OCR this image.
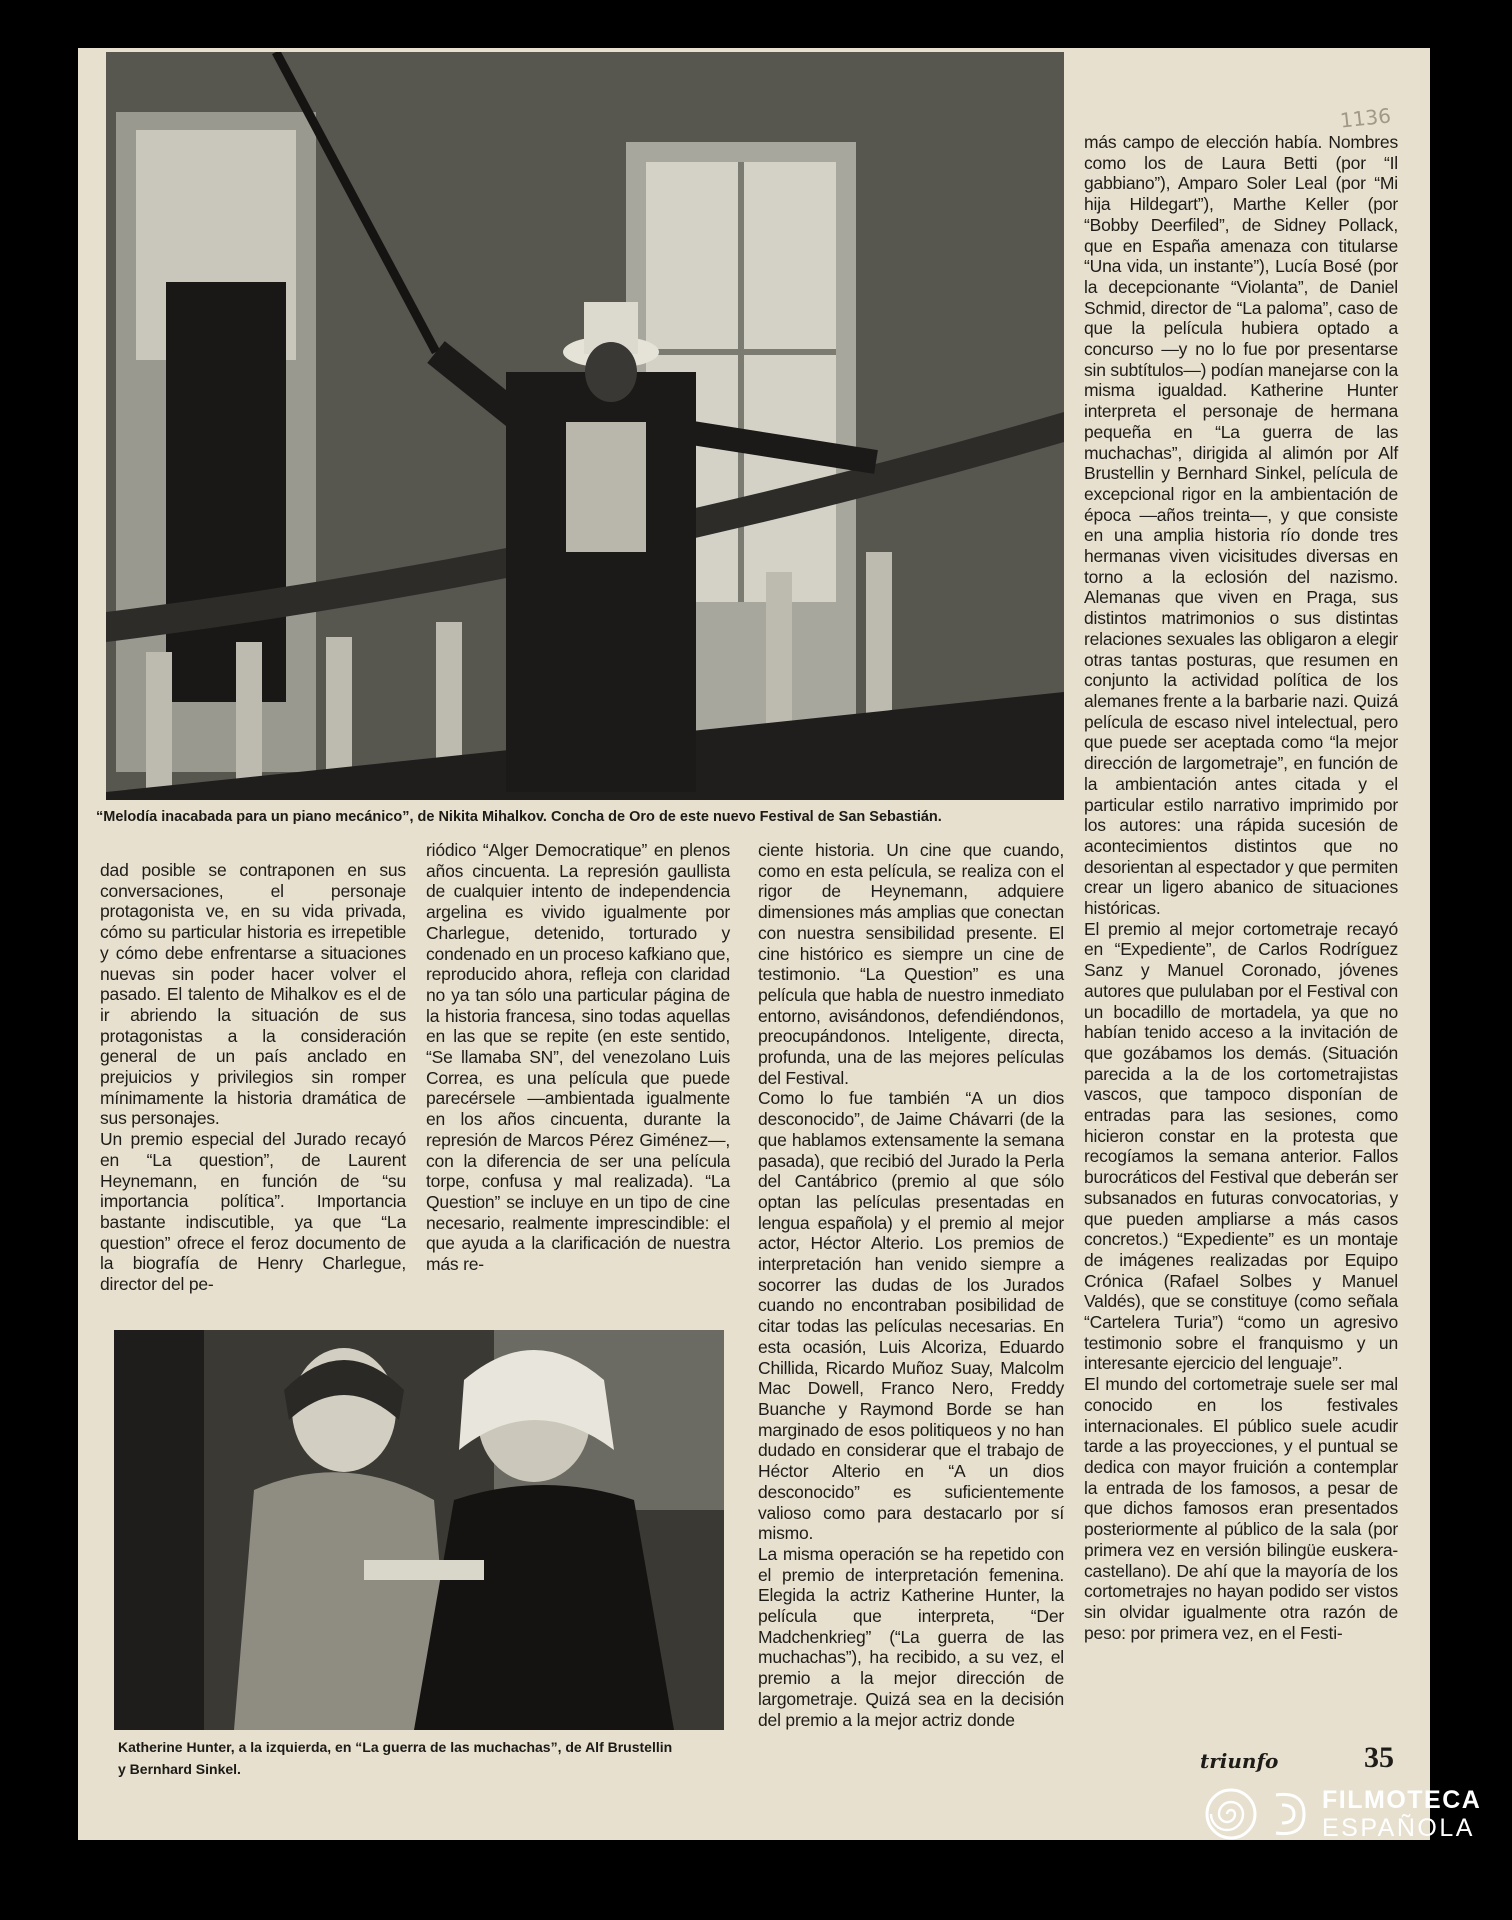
1136
“Melodía inacabada para un piano mecánico”, de Nikita Mihalkov. Concha de Oro de este nuevo Festival de San Sebastián.
dad posible se contraponen en sus conversaciones, el personaje protagonista ve, en su vida privada, cómo su particular historia es irrepetible y cómo debe enfrentarse a situaciones nuevas sin poder hacer volver el pasado. El talento de Mihalkov es el de ir abriendo la situación de sus protagonistas a la consideración general de un país anclado en prejuicios y privilegios sin romper mínimamente la historia dramática de sus personajes.
Un premio especial del Jurado recayó en “La question”, de Laurent Heynemann, en función de “su importancia política”. Importancia bastante indiscutible, ya que “La question” ofrece el feroz documento de la biografía de Henry Charlegue, director del pe-
riódico “Alger Democratique” en plenos años cincuenta. La represión gaullista de cualquier intento de independencia argelina es vivido igualmente por Charlegue, detenido, torturado y condenado en un proceso kafkiano que, reproducido ahora, refleja con claridad no ya tan sólo una particular página de la historia francesa, sino todas aquellas en las que se repite (en este sentido, “Se llamaba SN”, del venezolano Luis Correa, es una película que puede parecérsele —ambientada igualmente en los años cincuenta, durante la represión de Marcos Pérez Giménez—, con la diferencia de ser una película torpe, confusa y mal realizada). “La Question” se incluye en un tipo de cine necesario, realmente imprescindible: el que ayuda a la clarificación de nuestra más re-
ciente historia. Un cine que cuando, como en esta película, se realiza con el rigor de Heynemann, adquiere dimensiones más amplias que conectan con nuestra sensibilidad presente. El cine histórico es siempre un cine de testimonio. “La Question” es una película que habla de nuestro inmediato entorno, avisándonos, defendiéndonos, preocupándonos. Inteligente, directa, profunda, una de las mejores películas del Festival.
Como lo fue también “A un dios desconocido”, de Jaime Chávarri (de la que hablamos extensamente la semana pasada), que recibió del Jurado la Perla del Cantábrico (premio al que sólo optan las películas presentadas en lengua española) y el premio al mejor actor, Héctor Alterio. Los premios de interpretación han venido siempre a socorrer las dudas de los Jurados cuando no encontraban posibilidad de citar todas las películas necesarias. En esta ocasión, Luis Alcoriza, Eduardo Chillida, Ricardo Muñoz Suay, Malcolm Mac Dowell, Franco Nero, Freddy Buanche y Raymond Borde se han marginado de esos politiqueos y no han dudado en considerar que el trabajo de Héctor Alterio en “A un dios desconocido” es suficientemente valioso como para destacarlo por sí mismo.
La misma operación se ha repetido con el premio de interpretación femenina. Elegida la actriz Katherine Hunter, la película que interpreta, “Der Madchenkrieg” (“La guerra de las muchachas”), ha recibido, a su vez, el premio a la mejor dirección de largometraje. Quizá sea en la decisión del premio a la mejor actriz donde
más campo de elección había. Nombres como los de Laura Betti (por “Il gabbiano”), Amparo Soler Leal (por “Mi hija Hildegart”), Marthe Keller (por “Bobby Deerfiled”, de Sidney Pollack, que en España amenaza con titularse “Una vida, un instante”), Lucía Bosé (por la decepcionante “Violanta”, de Daniel Schmid, director de “La paloma”, caso de que la película hubiera optado a concurso —y no lo fue por presentarse sin subtítulos—) podían manejarse con la misma igualdad. Katherine Hunter interpreta el personaje de hermana pequeña en “La guerra de las muchachas”, dirigida al alimón por Alf Brustellin y Bernhard Sinkel, película de excepcional rigor en la ambientación de época —años treinta—, y que consiste en una amplia historia río donde tres hermanas viven vicisitudes diversas en torno a la eclosión del nazismo. Alemanas que viven en Praga, sus distintos matrimonios o sus distintas relaciones sexuales las obligaron a elegir otras tantas posturas, que resumen en conjunto la actividad política de los alemanes frente a la barbarie nazi. Quizá película de escaso nivel intelectual, pero que puede ser aceptada como “la mejor dirección de largometraje”, en función de la ambientación antes citada y el particular estilo narrativo imprimido por los autores: una rápida sucesión de acontecimientos distintos que no desorientan al espectador y que permiten crear un ligero abanico de situaciones históricas.
El premio al mejor cortometraje recayó en “Expediente”, de Carlos Rodríguez Sanz y Manuel Coronado, jóvenes autores que pululaban por el Festival con un bocadillo de mortadela, ya que no habían tenido acceso a la invitación de que gozábamos los demás. (Situación parecida a la de los cortometrajistas vascos, que tampoco disponían de entradas para las sesiones, como hicieron constar en la protesta que recogíamos la semana anterior. Fallos burocráticos del Festival que deberán ser subsanados en futuras convocatorias, y que pueden ampliarse a más casos concretos.) “Expediente” es un montaje de imágenes realizadas por Equipo Crónica (Rafael Solbes y Manuel Valdés), que se constituye (como señala “Cartelera Turia”) “como un agresivo testimonio sobre el franquismo y un interesante ejercicio del lenguaje”.
El mundo del cortometraje suele ser mal conocido en los festivales internacionales. El público suele acudir tarde a las proyecciones, y el puntual se dedica con mayor fruición a contemplar la entrada de los famosos, a pesar de que dichos famosos eran presentados posteriormente al público de la sala (por primera vez en versión bilingüe euskera-castellano). De ahí que la mayoría de los cortometrajes no hayan podido ser vistos sin olvidar igualmente otra razón de peso: por primera vez, en el Festi-
Katherine Hunter, a la izquierda, en “La guerra de las muchachas”, de Alf Brustellin
y Bernhard Sinkel.	triunfo	35
FILMOTECA
ESPAÑOLA
